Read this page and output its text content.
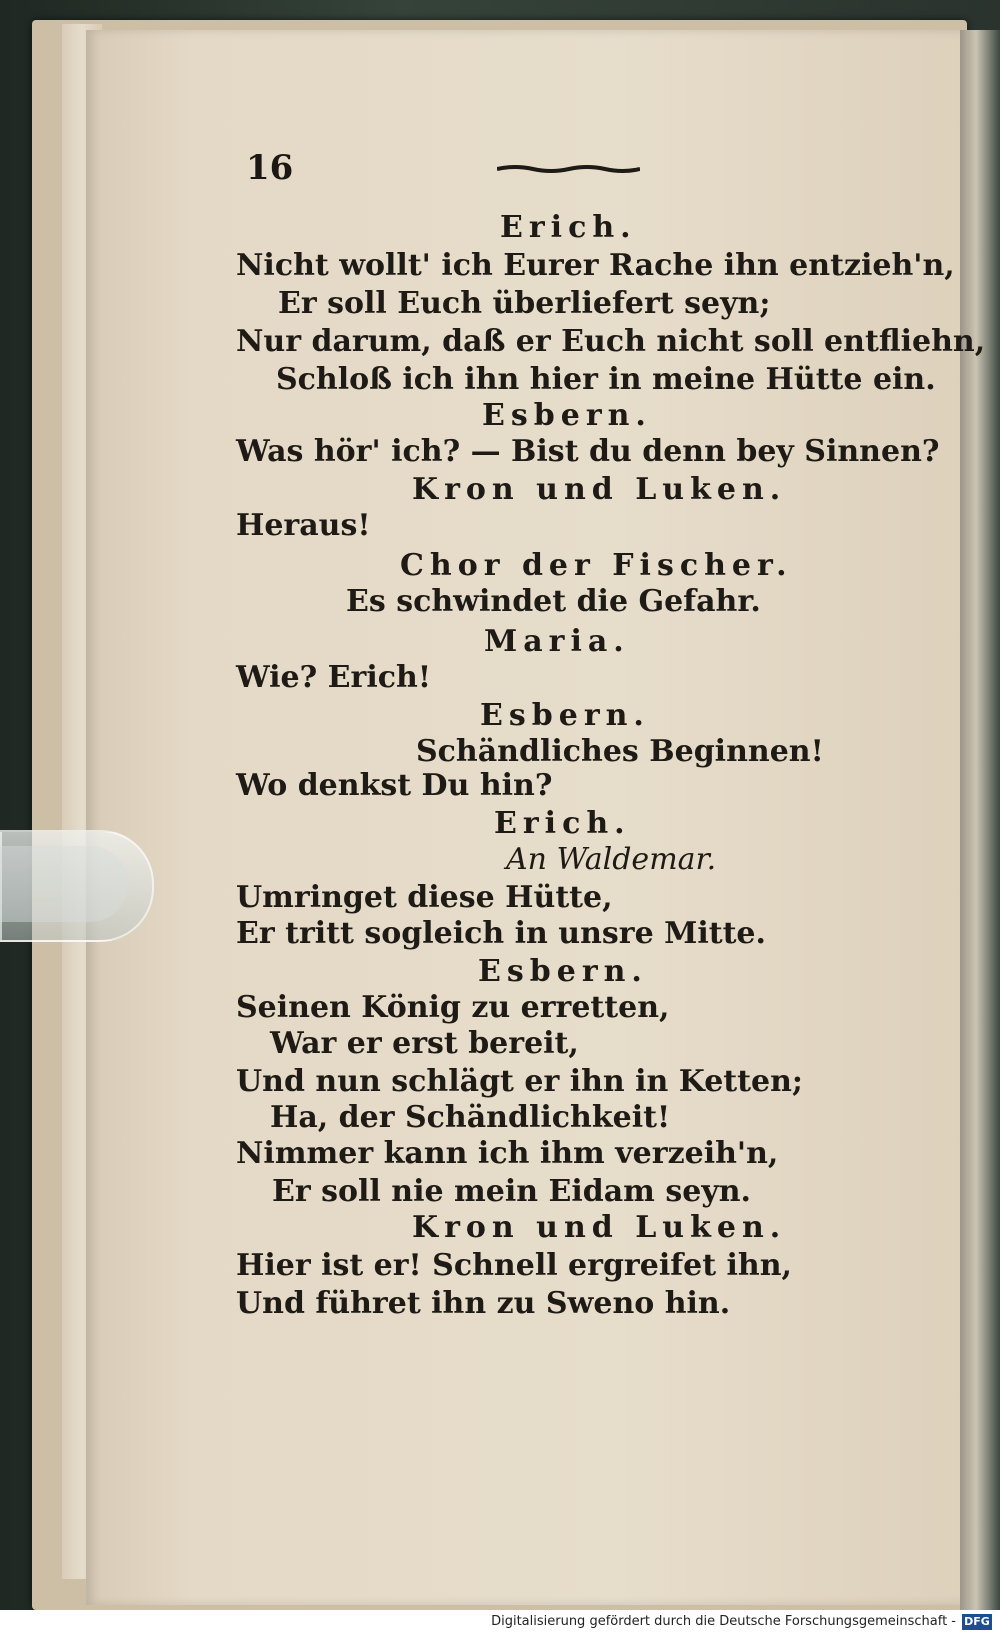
16
Erich.
Nicht wollt' ich Eurer Rache ihn entzieh'n,
Er soll Euch überliefert seyn;
Nur darum, daß er Euch nicht soll entfliehn,
Schloß ich ihn hier in meine Hütte ein.
Esbern.
Was hör' ich? — Bist du denn bey Sinnen?
Kron und Luken.
Heraus!
Chor der Fischer.
Es schwindet die Gefahr.
Maria.
Wie? Erich!
Esbern.
Schändliches Beginnen!
Wo denkst Du hin?
Erich.
An Waldemar.
Umringet diese Hütte,
Er tritt sogleich in unsre Mitte.
Esbern.
Seinen König zu erretten,
War er erst bereit,
Und nun schlägt er ihn in Ketten;
Ha, der Schändlichkeit!
Nimmer kann ich ihm verzeih'n,
Er soll nie mein Eidam seyn.
Kron und Luken.
Hier ist er! Schnell ergreifet ihn,
Und führet ihn zu Sweno hin.
Digitalisierung gefördert durch die Deutsche Forschungsgemeinschaft - DFG
